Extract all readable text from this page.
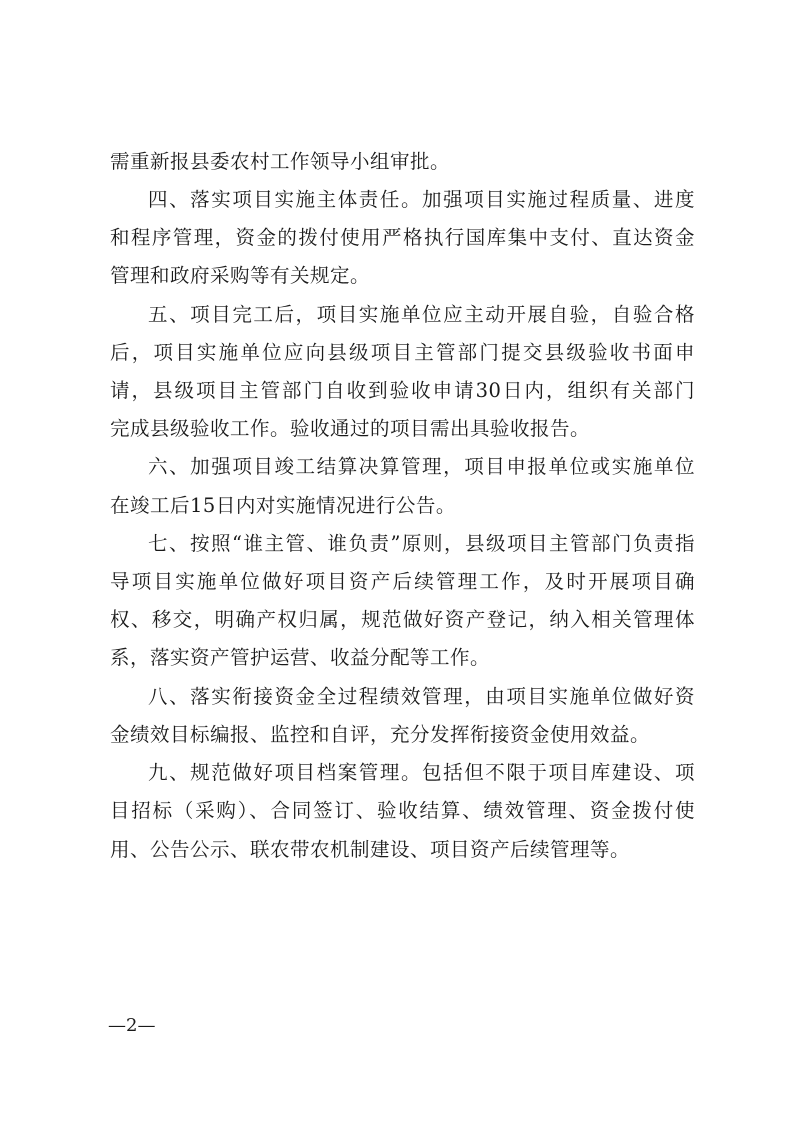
需重新报县委农村工作领导小组审批。
四、落实项目实施主体责任。加强项目实施过程质量、进度
和程序管理，资金的拨付使用严格执行国库集中支付、直达资金
管理和政府采购等有关规定。
五、项目完工后，项目实施单位应主动开展自验，自验合格
后，项目实施单位应向县级项目主管部门提交县级验收书面申
请，县级项目主管部门自收到验收申请30日内，组织有关部门
完成县级验收工作。验收通过的项目需出具验收报告。
六、加强项目竣工结算决算管理，项目申报单位或实施单位
在竣工后15日内对实施情况进行公告。
七、按照“谁主管、谁负责”原则，县级项目主管部门负责指
导项目实施单位做好项目资产后续管理工作，及时开展项目确
权、移交，明确产权归属，规范做好资产登记，纳入相关管理体
系，落实资产管护运营、收益分配等工作。
八、落实衔接资金全过程绩效管理，由项目实施单位做好资
金绩效目标编报、监控和自评，充分发挥衔接资金使用效益。
九、规范做好项目档案管理。包括但不限于项目库建设、项
目招标（采购）、合同签订、验收结算、绩效管理、资金拨付使
用、公告公示、联农带农机制建设、项目资产后续管理等。
—2—
